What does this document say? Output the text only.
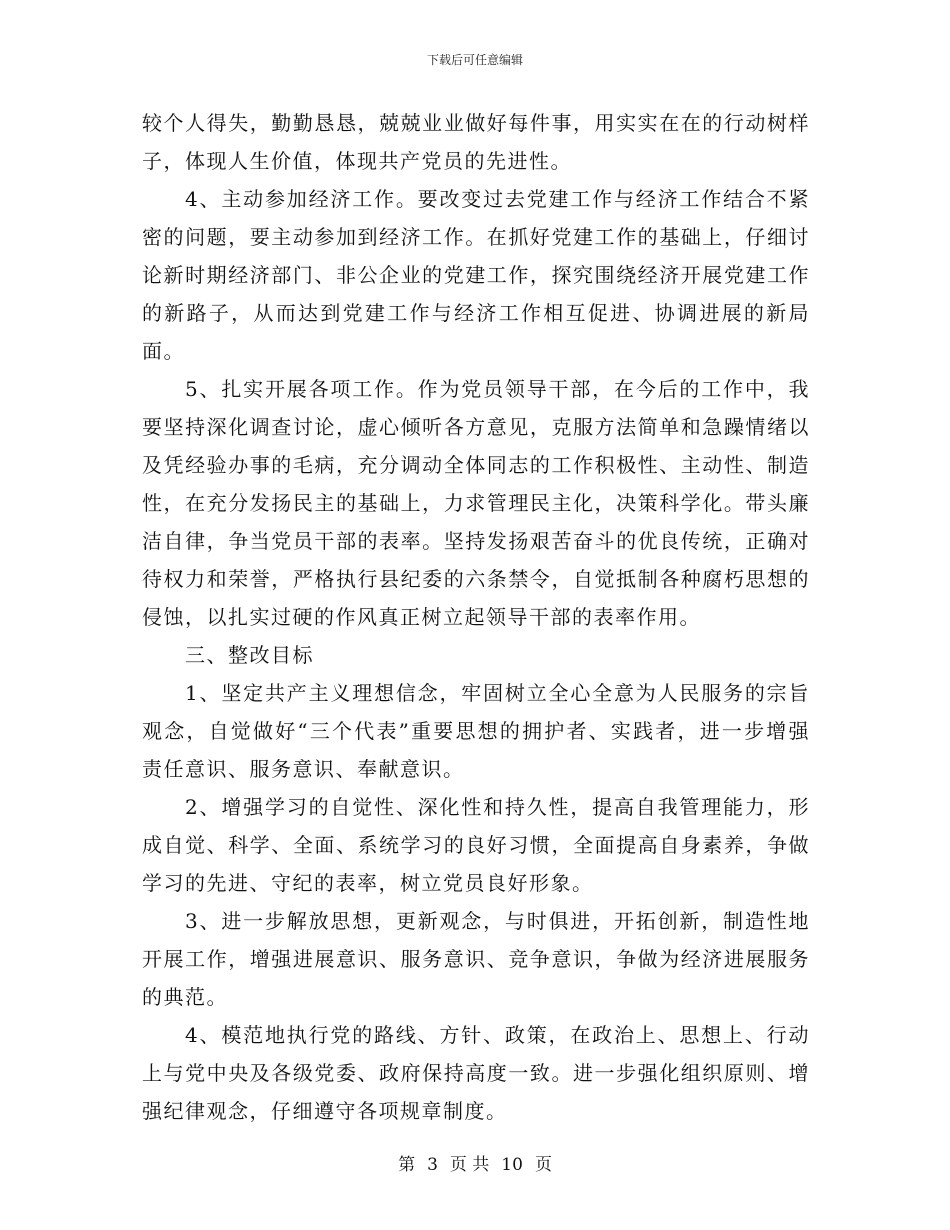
下载后可任意编辑

较个人得失，勤勤恳恳，兢兢业业做好每件事，用实实在在的行动树样子，体现人生价值，体现共产党员的先进性。

4、主动参加经济工作。要改变过去党建工作与经济工作结合不紧密的问题，要主动参加到经济工作。在抓好党建工作的基础上，仔细讨论新时期经济部门、非公企业的党建工作，探究围绕经济开展党建工作的新路子，从而达到党建工作与经济工作相互促进、协调进展的新局面。

5、扎实开展各项工作。作为党员领导干部，在今后的工作中，我要坚持深化调查讨论，虚心倾听各方意见，克服方法简单和急躁情绪以及凭经验办事的毛病，充分调动全体同志的工作积极性、主动性、制造性，在充分发扬民主的基础上，力求管理民主化，决策科学化。带头廉洁自律，争当党员干部的表率。坚持发扬艰苦奋斗的优良传统，正确对待权力和荣誉，严格执行县纪委的六条禁令，自觉抵制各种腐朽思想的侵蚀，以扎实过硬的作风真正树立起领导干部的表率作用。

三、整改目标

1、坚定共产主义理想信念，牢固树立全心全意为人民服务的宗旨观念，自觉做好“三个代表”重要思想的拥护者、实践者，进一步增强责任意识、服务意识、奉献意识。

2、增强学习的自觉性、深化性和持久性，提高自我管理能力，形成自觉、科学、全面、系统学习的良好习惯，全面提高自身素养，争做学习的先进、守纪的表率，树立党员良好形象。

3、进一步解放思想，更新观念，与时俱进，开拓创新，制造性地开展工作，增强进展意识、服务意识、竞争意识，争做为经济进展服务的典范。

4、模范地执行党的路线、方针、政策，在政治上、思想上、行动上与党中央及各级党委、政府保持高度一致。进一步强化组织原则、增强纪律观念，仔细遵守各项规章制度。

第 3 页 共 10 页
